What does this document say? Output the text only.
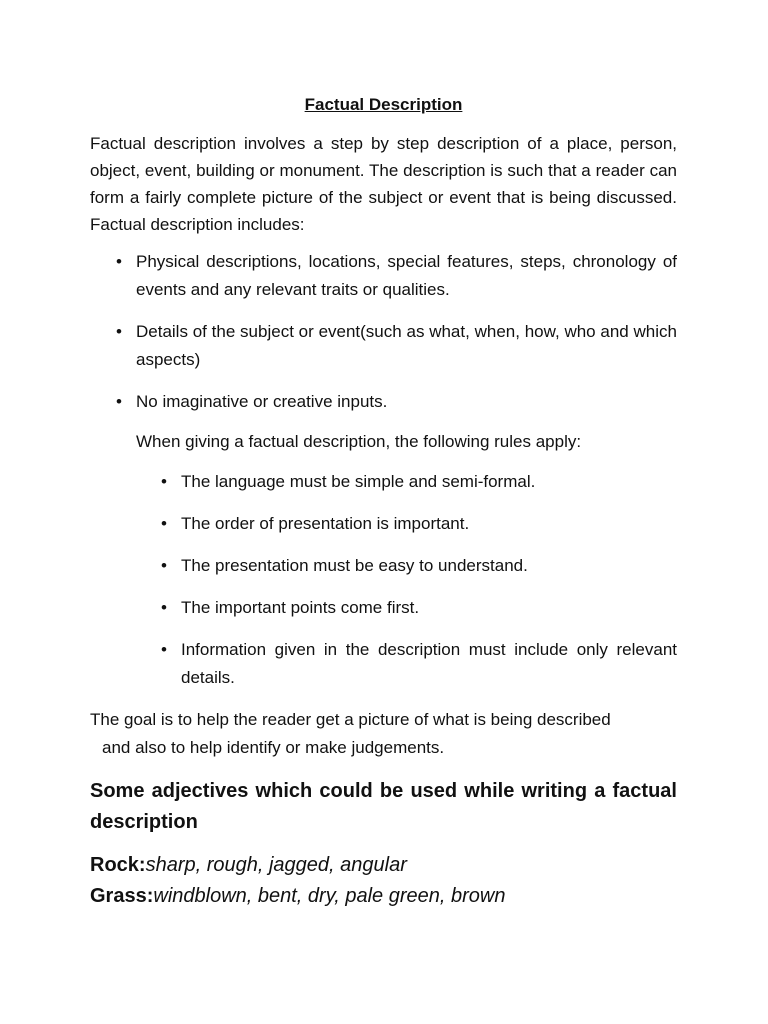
Factual Description

Factual description involves a step by step description of a place, person, object, event, building or monument. The description is such that a reader can form a fairly complete picture of the subject or event that is being discussed. Factual description includes:

• Physical descriptions, locations, special features, steps, chronology of events and any relevant traits or qualities.
• Details of the subject or event(such as what, when, how, who and which aspects)
• No imaginative or creative inputs.

When giving a factual description, the following rules apply:

• The language must be simple and semi-formal.
• The order of presentation is important.
• The presentation must be easy to understand.
• The important points come first.
• Information given in the description must include only relevant details.

The goal is to help the reader get a picture of what is being described
and also to help identify or make judgements.

Some adjectives which could be used while writing a factual description

Rock:sharp, rough, jagged, angular

Grass:windblown, bent, dry, pale green, brown
